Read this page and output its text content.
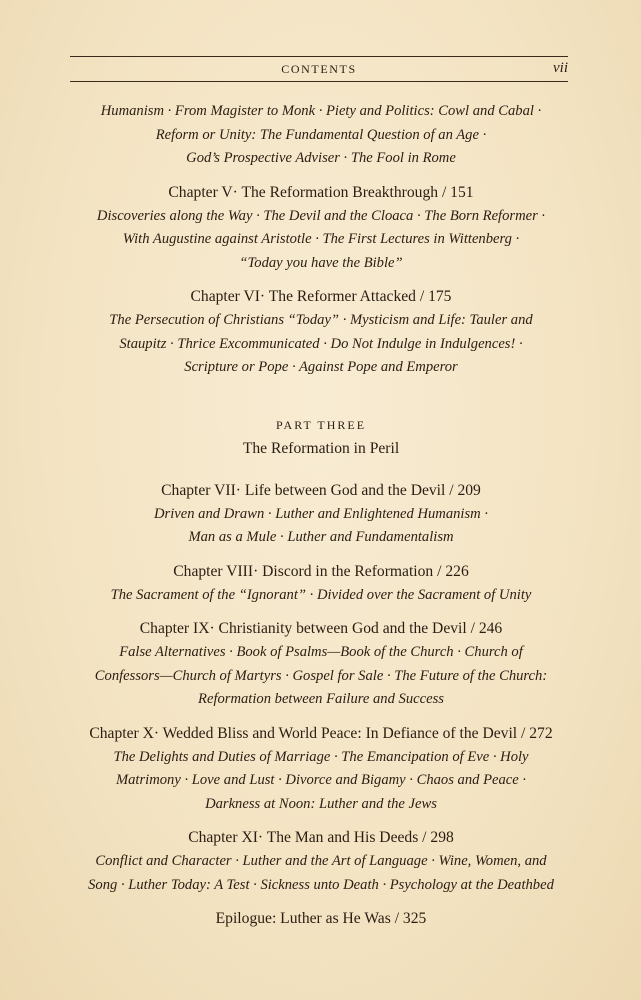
CONTENTS	vii
Humanism · From Magister to Monk · Piety and Politics: Cowl and Cabal ·
Reform or Unity: The Fundamental Question of an Age ·
God’s Prospective Adviser · The Fool in Rome
Chapter V· The Reformation Breakthrough / 151
Discoveries along the Way · The Devil and the Cloaca · The Born Reformer ·
With Augustine against Aristotle · The First Lectures in Wittenberg ·
“Today you have the Bible”
Chapter VI· The Reformer Attacked / 175
The Persecution of Christians “Today” · Mysticism and Life: Tauler and
Staupitz · Thrice Excommunicated · Do Not Indulge in Indulgences! ·
Scripture or Pope · Against Pope and Emperor
PART THREE
The Reformation in Peril
Chapter VII· Life between God and the Devil / 209
Driven and Drawn · Luther and Enlightened Humanism ·
Man as a Mule · Luther and Fundamentalism
Chapter VIII· Discord in the Reformation / 226
The Sacrament of the “Ignorant” · Divided over the Sacrament of Unity
Chapter IX· Christianity between God and the Devil / 246
False Alternatives · Book of Psalms—Book of the Church · Church of
Confessors—Church of Martyrs · Gospel for Sale · The Future of the Church:
Reformation between Failure and Success
Chapter X· Wedded Bliss and World Peace: In Defiance of the Devil / 272
The Delights and Duties of Marriage · The Emancipation of Eve · Holy
Matrimony · Love and Lust · Divorce and Bigamy · Chaos and Peace ·
Darkness at Noon: Luther and the Jews
Chapter XI· The Man and His Deeds / 298
Conflict and Character · Luther and the Art of Language · Wine, Women, and
Song · Luther Today: A Test · Sickness unto Death · Psychology at the Deathbed
Epilogue: Luther as He Was / 325
